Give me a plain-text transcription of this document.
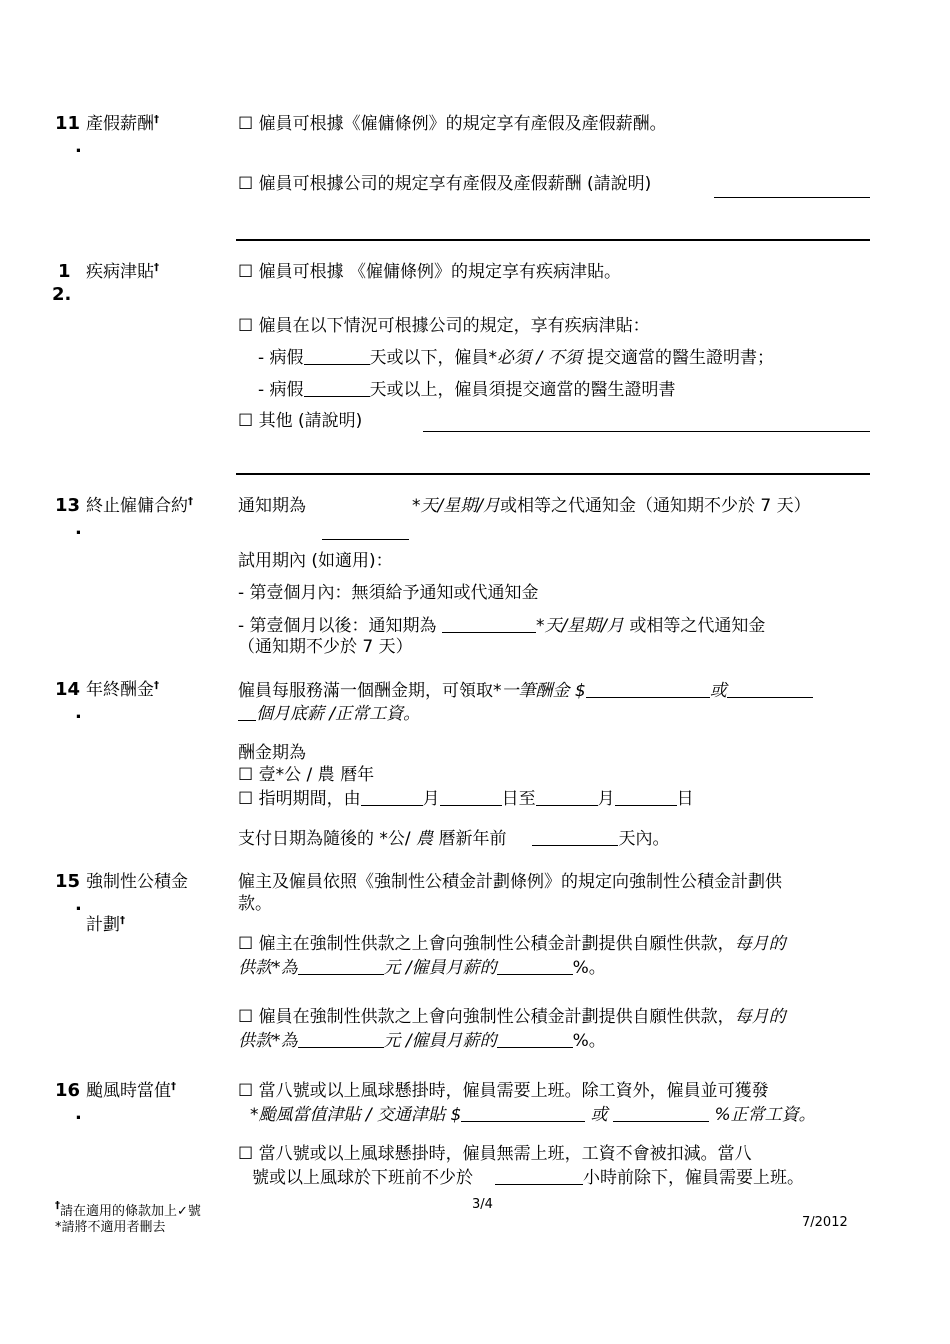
11
.
產假薪酬†	☐ 僱員可根據《僱傭條例》的規定享有產假及產假薪酬。
☐ 僱員可根據公司的規定享有產假及產假薪酬 (請說明)
1
2.
疾病津貼†	☐ 僱員可根據 《僱傭條例》的規定享有疾病津貼。
☐ 僱員在以下情況可根據公司的規定，享有疾病津貼：
- 病假	天或以下，僱員*必須 / 不須 提交適當的醫生證明書；
- 病假	天或以上，僱員須提交適當的醫生證明書
☐ 其他 (請說明)
13
.
終止僱傭合約†	通知期為	*天/星期/月或相等之代通知金（通知期不少於 7 天）
試用期內 (如適用)：
- 第壹個月內：無須給予通知或代通知金
- 第壹個月以後：通知期為	*天/星期/月 或相等之代通知金
（通知期不少於 7 天）
14
.
年終酬金†	僱員每服務滿一個酬金期，可領取*一筆酬金 $	或
個月底薪 /正常工資。
酬金期為
☐ 壹*公 / 農 曆年
☐ 指明期間，由	月	日至	月	日
支付日期為隨後的 *公/ 農 曆新年前	天內。
15
.
強制性公積金
計劃†
僱主及僱員依照《強制性公積金計劃條例》的規定向強制性公積金計劃供
款。
☐ 僱主在強制性供款之上會向強制性公積金計劃提供自願性供款，每月的
供款*為	元 /僱員月薪的	%。
☐ 僱員在強制性供款之上會向強制性公積金計劃提供自願性供款，每月的
供款*為	元 /僱員月薪的	%。
16
.
颱風時當值†	☐ 當八號或以上風球懸掛時，僱員需要上班。除工資外，僱員並可獲發
*颱風當值津貼 / 交通津貼 $	或	%正常工資。
☐ 當八號或以上風球懸掛時，僱員無需上班，工資不會被扣減。當八
號或以上風球於下班前不少於	小時前除下，僱員需要上班。
†請在適用的條款加上✓號
*請將不適用者刪去
3/4
7/2012
